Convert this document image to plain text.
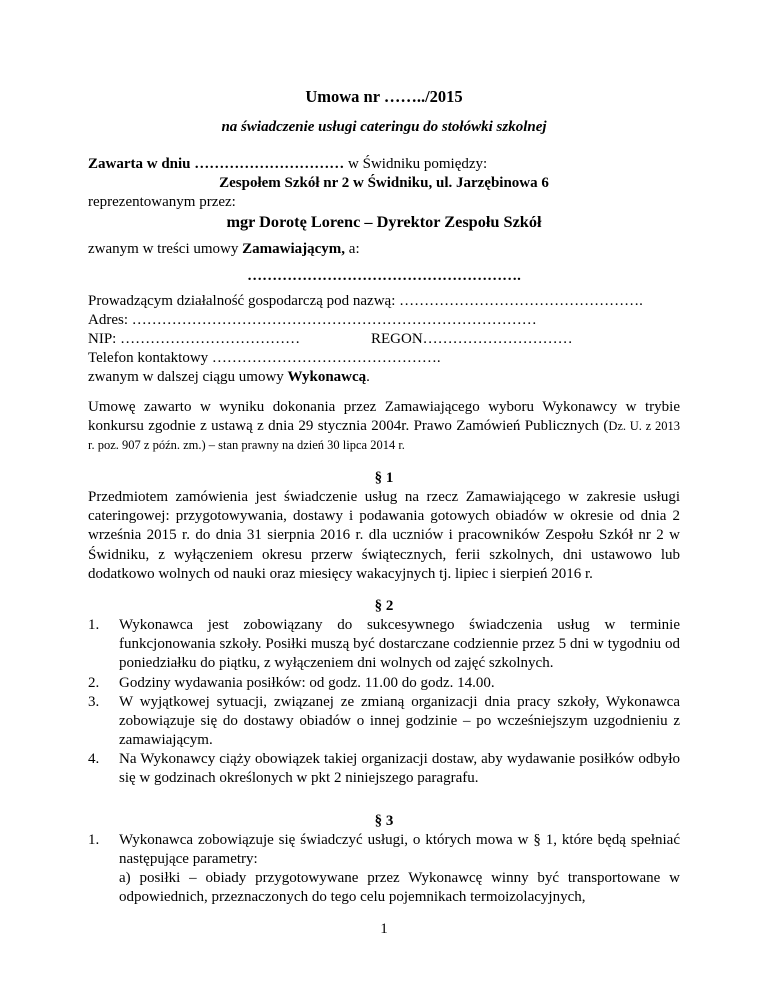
Umowa nr ……../2015
na świadczenie usługi cateringu do stołówki szkolnej
Zawarta w dniu ………………………… w Świdniku pomiędzy:
Zespołem Szkół nr 2 w Świdniku, ul. Jarzębinowa 6
reprezentowanym przez:
mgr Dorotę Lorenc – Dyrektor Zespołu Szkół
zwanym w treści umowy Zamawiającym, a:
……………………………………………….
Prowadzącym działalność gospodarczą pod nazwą: ………………………………………….
Adres: ………………………………………………………………………
NIP: ………………………………	REGON…………………………
Telefon kontaktowy ……………………………………….
zwanym w dalszej ciągu umowy Wykonawcą.
Umowę zawarto w wyniku dokonania przez Zamawiającego wyboru Wykonawcy w trybie konkursu zgodnie z ustawą z dnia 29 stycznia 2004r. Prawo Zamówień Publicznych (Dz. U. z 2013 r. poz. 907 z późn. zm.) – stan prawny na dzień 30 lipca 2014 r.
§ 1
Przedmiotem zamówienia jest świadczenie usług na rzecz Zamawiającego w zakresie usługi cateringowej: przygotowywania, dostawy i podawania gotowych obiadów w okresie od dnia 2 września 2015 r. do dnia 31 sierpnia 2016 r. dla uczniów i pracowników Zespołu Szkół nr 2 w Świdniku, z wyłączeniem okresu przerw świątecznych, ferii szkolnych, dni ustawowo lub dodatkowo wolnych od nauki oraz miesięcy wakacyjnych tj. lipiec i sierpień 2016 r.
§ 2
1.	Wykonawca jest zobowiązany do sukcesywnego świadczenia usług w terminie funkcjonowania szkoły. Posiłki muszą być dostarczane codziennie przez 5 dni w tygodniu od poniedziałku do piątku, z wyłączeniem dni wolnych od zajęć szkolnych.
2.	Godziny wydawania posiłków: od godz. 11.00 do godz. 14.00.
3.	W wyjątkowej sytuacji, związanej ze zmianą organizacji dnia pracy szkoły, Wykonawca zobowiązuje się do dostawy obiadów o innej godzinie – po wcześniejszym uzgodnieniu z zamawiającym.
4.	Na Wykonawcy ciąży obowiązek takiej organizacji dostaw, aby wydawanie posiłków odbyło się w godzinach określonych w pkt 2 niniejszego paragrafu.
§ 3
1.	Wykonawca zobowiązuje się świadczyć usługi, o których mowa w § 1, które będą spełniać następujące parametry:
a) posiłki – obiady przygotowywane przez Wykonawcę winny być transportowane w odpowiednich, przeznaczonych do tego celu pojemnikach termoizolacyjnych,
1
